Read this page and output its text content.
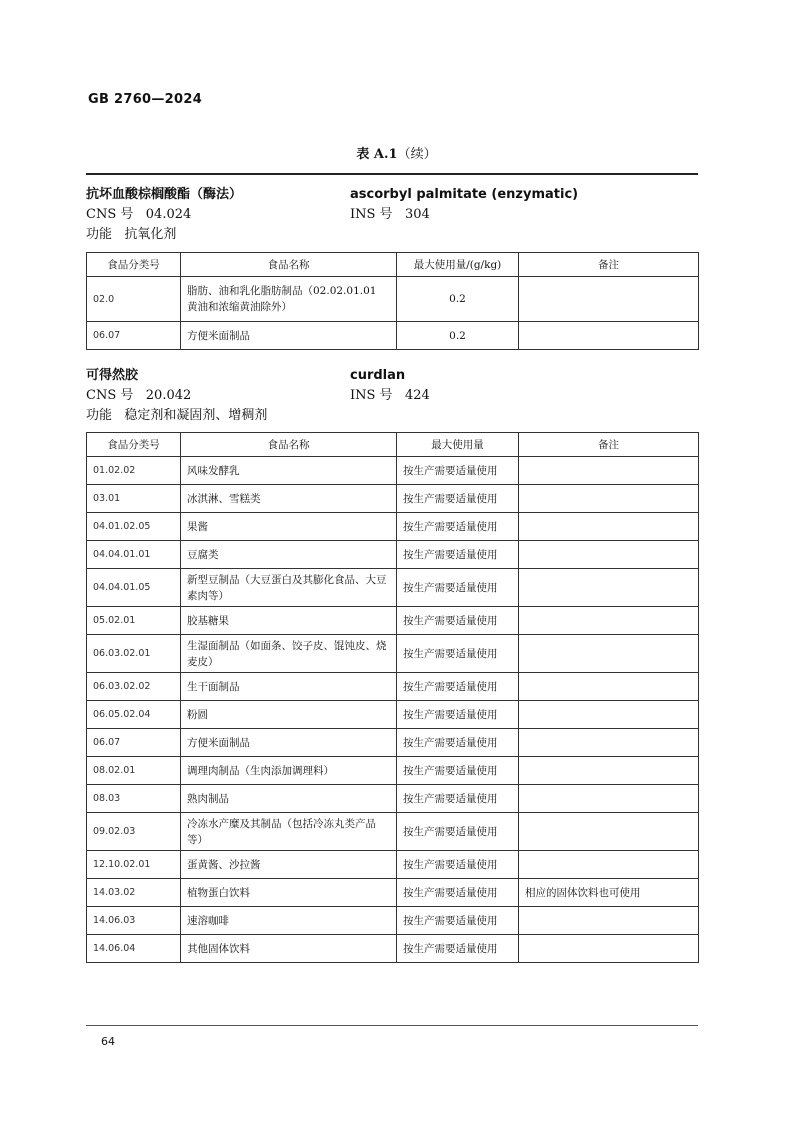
GB 2760—2024
表 A.1（续）
抗坏血酸棕榈酸酯（酶法）	ascorbyl palmitate (enzymatic)
CNS 号 04.024	INS 号 304
功能 抗氧化剂
食品分类号	食品名称	最大使用量/(g/kg)	备注
02.0	脂肪、油和乳化脂肪制品（02.02.01.01 黄油和浓缩黄油除外）	0.2	
06.07	方便米面制品	0.2	
可得然胶	curdlan
CNS 号 20.042	INS 号 424
功能 稳定剂和凝固剂、增稠剂
食品分类号	食品名称	最大使用量	备注
01.02.02	风味发酵乳	按生产需要适量使用	
03.01	冰淇淋、雪糕类	按生产需要适量使用	
04.01.02.05	果酱	按生产需要适量使用	
04.04.01.01	豆腐类	按生产需要适量使用	
04.04.01.05	新型豆制品（大豆蛋白及其膨化食品、大豆素肉等）	按生产需要适量使用	
05.02.01	胶基糖果	按生产需要适量使用	
06.03.02.01	生湿面制品（如面条、饺子皮、馄饨皮、烧麦皮）	按生产需要适量使用	
06.03.02.02	生干面制品	按生产需要适量使用	
06.05.02.04	粉圆	按生产需要适量使用	
06.07	方便米面制品	按生产需要适量使用	
08.02.01	调理肉制品（生肉添加调理料）	按生产需要适量使用	
08.03	熟肉制品	按生产需要适量使用	
09.02.03	冷冻水产糜及其制品（包括冷冻丸类产品等）	按生产需要适量使用	
12.10.02.01	蛋黄酱、沙拉酱	按生产需要适量使用	
14.03.02	植物蛋白饮料	按生产需要适量使用	相应的固体饮料也可使用
14.06.03	速溶咖啡	按生产需要适量使用	
14.06.04	其他固体饮料	按生产需要适量使用	
64
